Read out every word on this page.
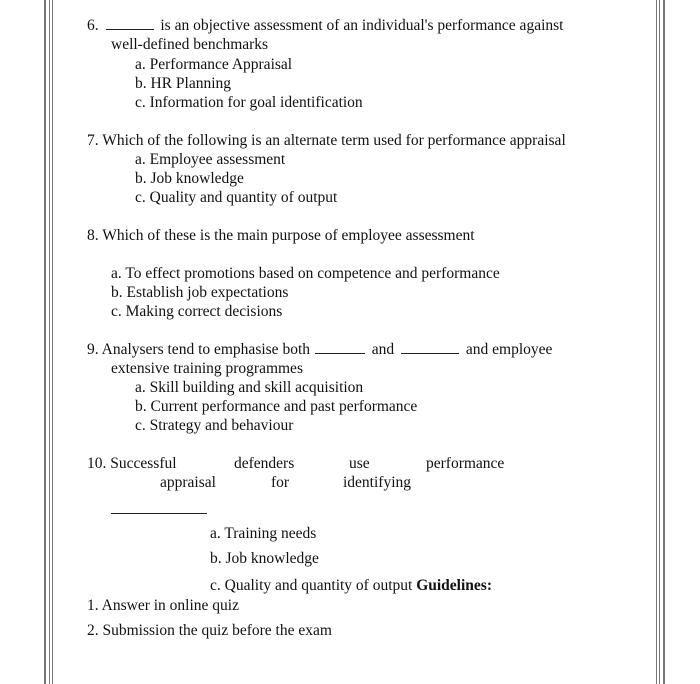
6.	is an objective assessment of an individual's performance against
well-defined benchmarks
a. Performance Appraisal
b. HR Planning
c. Information for goal identification
7. Which of the following is an alternate term used for performance appraisal
a. Employee assessment
b. Job knowledge
c. Quality and quantity of output
8. Which of these is the main purpose of employee assessment
a. To effect promotions based on competence and performance
b. Establish job expectations
c. Making correct decisions
9. Analysers tend to emphasise both	and	and employee
extensive training programmes
a. Skill building and skill acquisition
b. Current performance and past performance
c. Strategy and behaviour
10. Successful	defenders	use	performance
appraisal	for	identifying
a. Training needs
b. Job knowledge
c. Quality and quantity of output Guidelines:
1. Answer in online quiz
2. Submission the quiz before the exam
